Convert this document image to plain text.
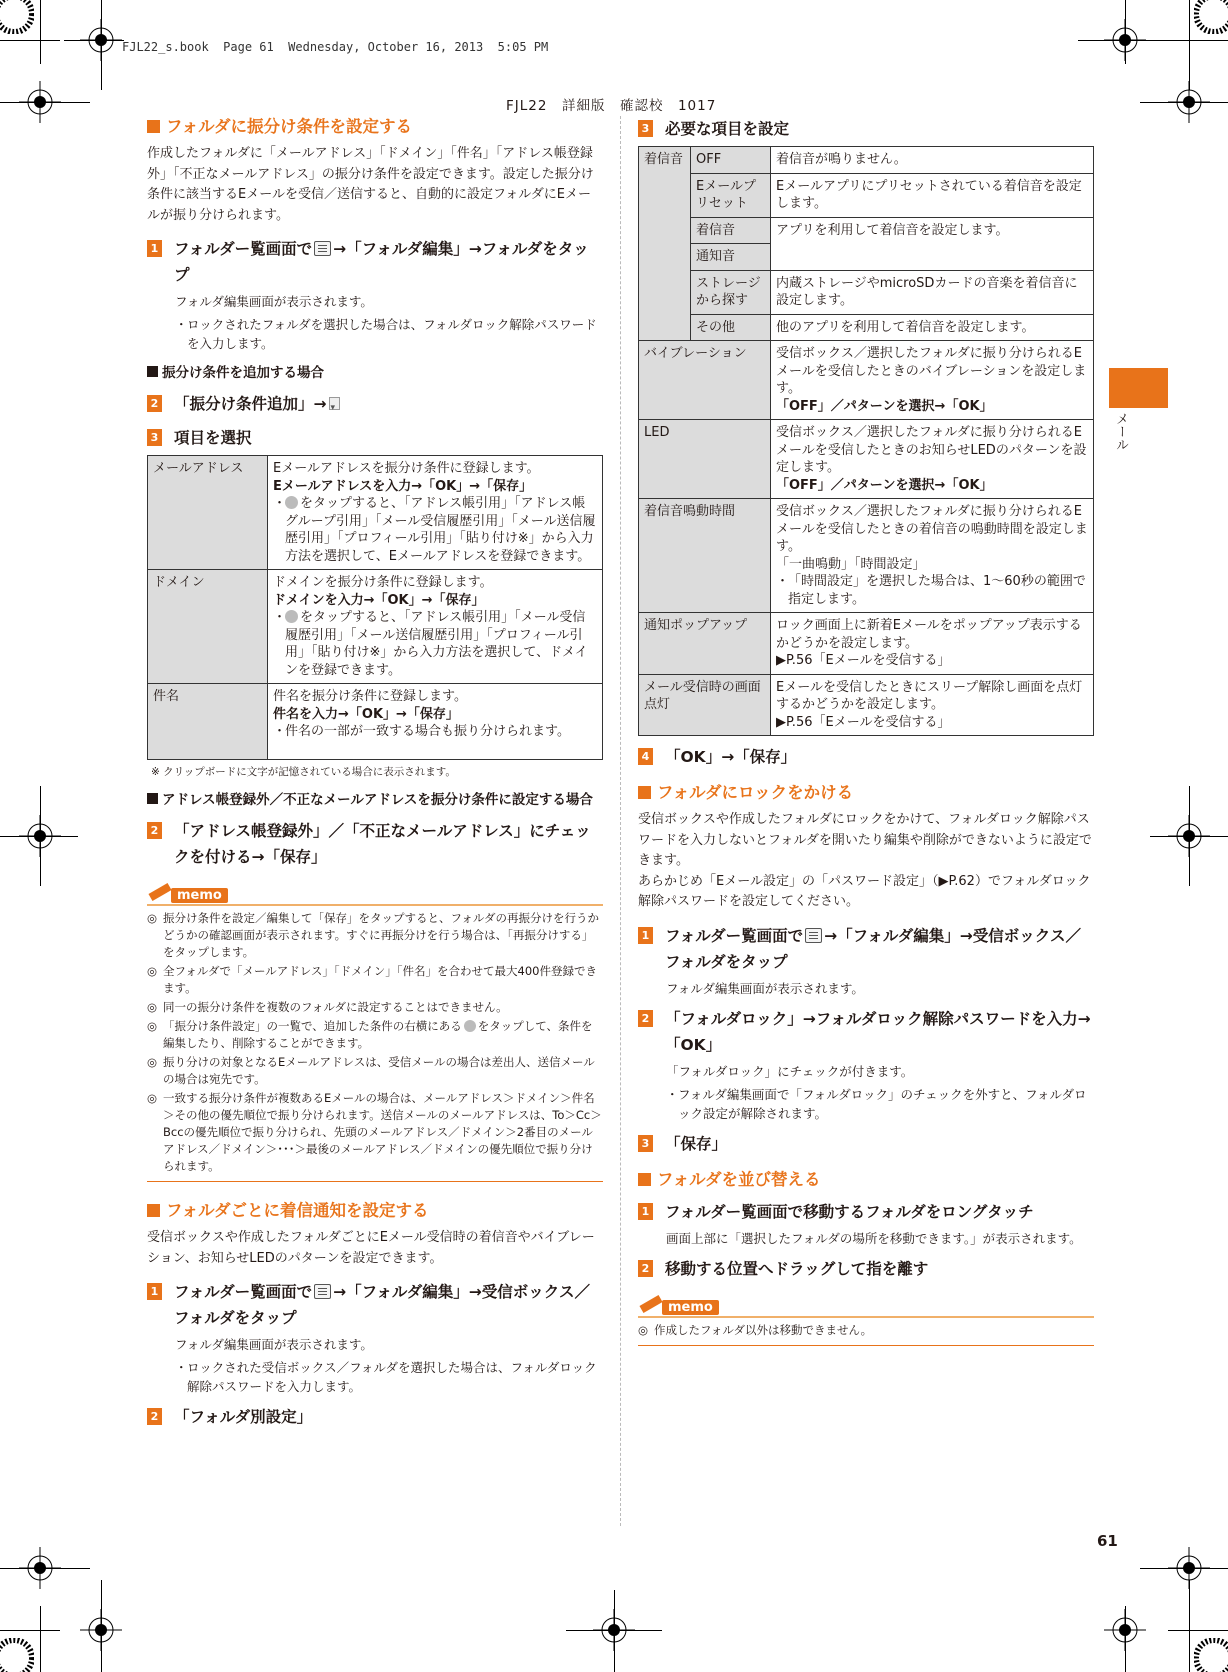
FJL22_s.book  Page 61  Wednesday, October 16, 2013  5:05 PM
FJL22　詳細版　確認校　1017
メール
フォルダに振分け条件を設定する
作成したフォルダに「メールアドレス」「ドメイン」「件名」「アドレス帳登録外」「不正なメールアドレス」の振分け条件を設定できます。設定した振分け条件に該当するEメールを受信／送信すると、自動的に設定フォルダにEメールが振り分けられます。
1 フォルダー覧画面で →「フォルダ編集」→フォルダをタップ
フォルダ編集画面が表示されます。
・ ロックされたフォルダを選択した場合は、フォルダロック解除パスワードを入力します。
振分け条件を追加する場合
2 「振分け条件追加」→▾
3 項目を選択
メールアドレス	Eメールアドレスを振分け条件に登録します。
Eメールアドレスを入力→「OK」→「保存」
・ をタップすると、「アドレス帳引用」「アドレス帳グループ引用」「メール受信履歴引用」「メール送信履歴引用」「プロフィール引用」「貼り付け※」から入力方法を選択して、Eメールアドレスを登録できます。

ドメイン	ドメインを振分け条件に登録します。
ドメインを入力→「OK」→「保存」
・ をタップすると、「アドレス帳引用」「メール受信履歴引用」「メール送信履歴引用」「プロフィール引用」「貼り付け※」から入力方法を選択して、ドメインを登録できます。

件名	件名を振分け条件に登録します。
件名を入力→「OK」→「保存」
・ 件名の一部が一致する場合も振り分けられます。
※ クリップボードに文字が記憶されている場合に表示されます。
アドレス帳登録外／不正なメールアドレスを振分け条件に設定する場合
2 「アドレス帳登録外」／「不正なメールアドレス」にチェックを付ける→「保存」
memo
◎ 振分け条件を設定／編集して「保存」をタップすると、フォルダの再振分けを行うかどうかの確認画面が表示されます。すぐに再振分けを行う場合は、「再振分けする」をタップします。
◎ 全フォルダで「メールアドレス」「ドメイン」「件名」を合わせて最大400件登録できます。
◎ 同一の振分け条件を複数のフォルダに設定することはできません。
◎ 「振分け条件設定」の一覧で、追加した条件の右横にある × をタップして、条件を編集したり、削除することができます。
◎ 振り分けの対象となるEメールアドレスは、受信メールの場合は差出人、送信メールの場合は宛先です。
◎ 一致する振分け条件が複数あるEメールの場合は、メールアドレス＞ドメイン＞件名＞その他の優先順位で振り分けられます。送信メールのメールアドレスは、To＞Cc＞Bccの優先順位で振り分けられ、先頭のメールアドレス／ドメイン＞2番目のメールアドレス／ドメイン＞･･･＞最後のメールアドレス／ドメインの優先順位で振り分けられます。
フォルダごとに着信通知を設定する
受信ボックスや作成したフォルダごとにEメール受信時の着信音やバイブレーション、お知らせLEDのパターンを設定できます。
1 フォルダー覧画面で →「フォルダ編集」→受信ボックス／フォルダをタップ
フォルダ編集画面が表示されます。
・ ロックされた受信ボックス／フォルダを選択した場合は、フォルダロック解除パスワードを入力します。
2 「フォルダ別設定」
3 必要な項目を設定
着信音	OFF	着信音が鳴りません。
	Eメールプリセット	Eメールアプリにプリセットされている着信音を設定します。
	着信音	アプリを利用して着信音を設定します。
	通知音	
	ストレージから探す	内蔵ストレージやmicroSDカードの音楽を着信音に設定します。
	その他	他のアプリを利用して着信音を設定します。
バイブレーション		受信ボックス／選択したフォルダに振り分けられるEメールを受信したときのバイブレーションを設定します。
「OFF」／パターンを選択→「OK」

LED		受信ボックス／選択したフォルダに振り分けられるEメールを受信したときのお知らせLEDのパターンを設定します。
「OFF」／パターンを選択→「OK」

着信音鳴動時間		受信ボックス／選択したフォルダに振り分けられるEメールを受信したときの着信音の鳴動時間を設定します。
「一曲鳴動」「時間設定」
・ 「時間設定」を選択した場合は、1～60秒の範囲で指定します。

通知ポップアップ		ロック画面上に新着Eメールをポップアップ表示するかどうかを設定します。
▶P.56「Eメールを受信する」

メール受信時の画面点灯		Eメールを受信したときにスリープ解除し画面を点灯するかどうかを設定します。
▶P.56「Eメールを受信する」
4 「OK」→「保存」
フォルダにロックをかける
受信ボックスや作成したフォルダにロックをかけて、フォルダロック解除パスワードを入力しないとフォルダを開いたり編集や削除ができないように設定できます。
あらかじめ「Eメール設定」の「パスワード設定」（▶P.62）でフォルダロック解除パスワードを設定してください。
1 フォルダー覧画面で →「フォルダ編集」→受信ボックス／フォルダをタップ
フォルダ編集画面が表示されます。
2 「フォルダロック」→フォルダロック解除パスワードを入力→「OK」
「フォルダロック」にチェックが付きます。
・ フォルダ編集画面で「フォルダロック」のチェックを外すと、フォルダロック設定が解除されます。
3 「保存」
フォルダを並び替える
1 フォルダー覧画面で移動するフォルダをロングタッチ
画面上部に「選択したフォルダの場所を移動できます。」が表示されます。
2 移動する位置へドラッグして指を離す
memo
◎ 作成したフォルダ以外は移動できません。
61
